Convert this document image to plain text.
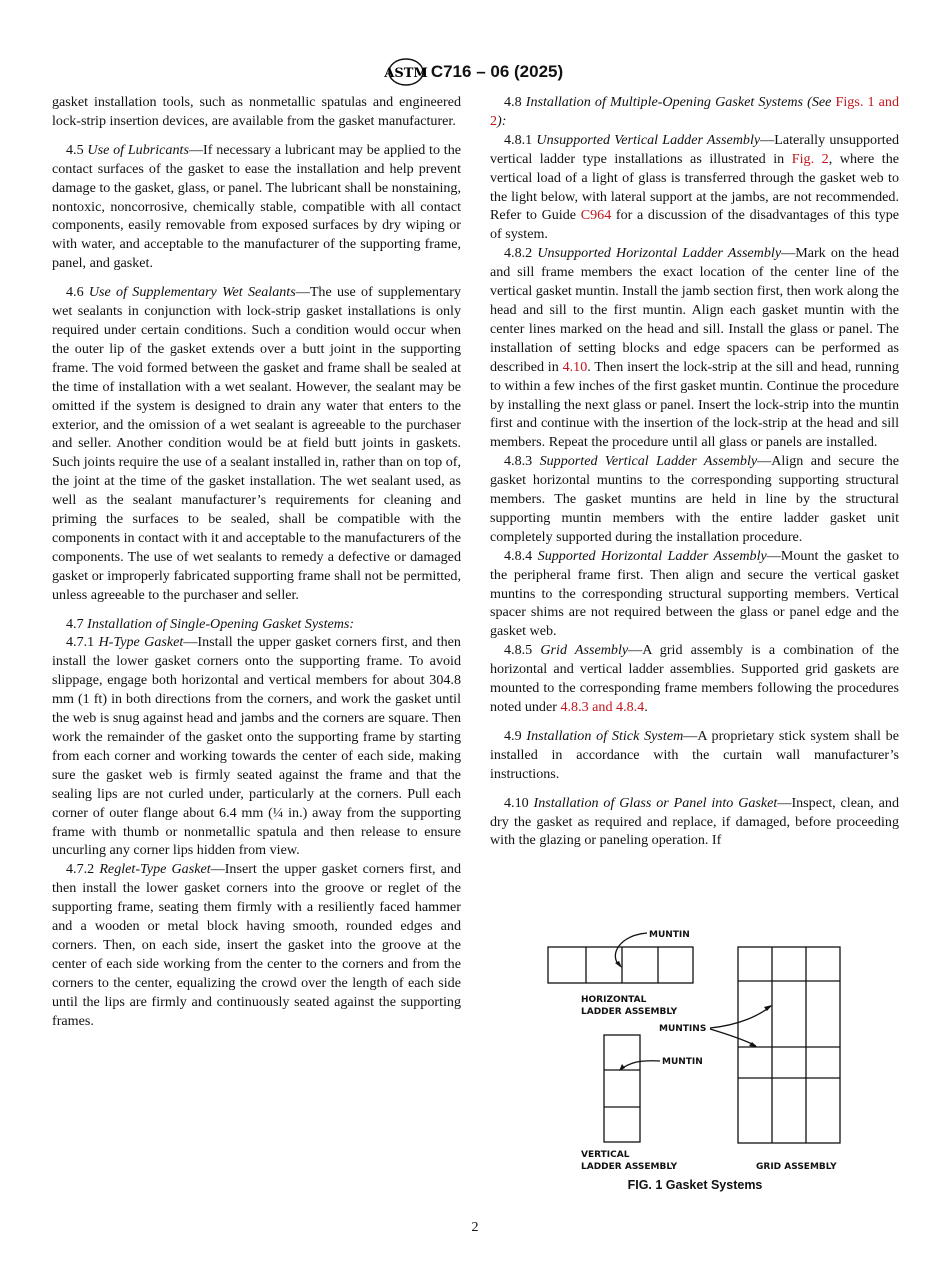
ASTM C716 – 06 (2025)

gasket installation tools, such as nonmetallic spatulas and engineered lock-strip insertion devices, are available from the gasket manufacturer.

4.5 Use of Lubricants—If necessary a lubricant may be applied to the contact surfaces of the gasket to ease the installation and help prevent damage to the gasket, glass, or panel. The lubricant shall be nonstaining, nontoxic, noncorrosive, chemically stable, compatible with all contact components, easily removable from exposed surfaces by dry wiping or with water, and acceptable to the manufacturer of the supporting frame, panel, and gasket.

4.6 Use of Supplementary Wet Sealants—The use of supplementary wet sealants in conjunction with lock-strip gasket installations is only required under certain conditions. Such a condition would occur when the outer lip of the gasket extends over a butt joint in the supporting frame. The void formed between the gasket and frame shall be sealed at the time of installation with a wet sealant. However, the sealant may be omitted if the system is designed to drain any water that enters to the exterior, and the omission of a wet sealant is agreeable to the purchaser and seller. Another condition would be at field butt joints in gaskets. Such joints require the use of a sealant installed in, rather than on top of, the joint at the time of the gasket installation. The wet sealant used, as well as the sealant manufacturer’s requirements for cleaning and priming the surfaces to be sealed, shall be compatible with the components in contact with it and acceptable to the manufacturers of the components. The use of wet sealants to remedy a defective or damaged gasket or improperly fabricated supporting frame shall not be permitted, unless agreeable to the purchaser and seller.

4.7 Installation of Single-Opening Gasket Systems:

4.7.1 H-Type Gasket—Install the upper gasket corners first, and then install the lower gasket corners onto the supporting frame. To avoid slippage, engage both horizontal and vertical members for about 304.8 mm (1 ft) in both directions from the corners, and work the gasket until the web is snug against head and jambs and the corners are square. Then work the remainder of the gasket onto the supporting frame by starting from each corner and working towards the center of each side, making sure the gasket web is firmly seated against the frame and that the sealing lips are not curled under, particularly at the corners. Pull each corner of outer flange about 6.4 mm (¼ in.) away from the supporting frame with thumb or nonmetallic spatula and then release to ensure uncurling any corner lips hidden from view.

4.7.2 Reglet-Type Gasket—Insert the upper gasket corners first, and then install the lower gasket corners into the groove or reglet of the supporting frame, seating them firmly with a resiliently faced hammer and a wooden or metal block having smooth, rounded edges and corners. Then, on each side, insert the gasket into the groove at the center of each side working from the center to the corners and from the corners to the center, equalizing the crowd over the length of each side until the lips are firmly and continuously seated against the supporting frames.

4.8 Installation of Multiple-Opening Gasket Systems (See Figs. 1 and 2):

4.8.1 Unsupported Vertical Ladder Assembly—Laterally unsupported vertical ladder type installations as illustrated in Fig. 2, where the vertical load of a light of glass is transferred through the gasket web to the light below, with lateral support at the jambs, are not recommended. Refer to Guide C964 for a discussion of the disadvantages of this type of system.

4.8.2 Unsupported Horizontal Ladder Assembly—Mark on the head and sill frame members the exact location of the center line of the vertical gasket muntin. Install the jamb section first, then work along the head and sill to the first muntin. Align each gasket muntin with the center lines marked on the head and sill. Install the glass or panel. The installation of setting blocks and edge spacers can be performed as described in 4.10. Then insert the lock-strip at the sill and head, running to within a few inches of the first gasket muntin. Continue the procedure by installing the next glass or panel. Insert the lock-strip into the muntin first and continue with the insertion of the lock-strip at the head and sill members. Repeat the procedure until all glass or panels are installed.

4.8.3 Supported Vertical Ladder Assembly—Align and secure the gasket horizontal muntins to the corresponding supporting structural members. The gasket muntins are held in line by the structural supporting muntin members with the entire ladder gasket unit completely supported during the installation procedure.

4.8.4 Supported Horizontal Ladder Assembly—Mount the gasket to the peripheral frame first. Then align and secure the vertical gasket muntins to the corresponding structural supporting members. Vertical spacer shims are not required between the glass or panel edge and the gasket web.

4.8.5 Grid Assembly—A grid assembly is a combination of the horizontal and vertical ladder assemblies. Supported grid gaskets are mounted to the corresponding frame members following the procedures noted under 4.8.3 and 4.8.4.

4.9 Installation of Stick System—A proprietary stick system shall be installed in accordance with the curtain wall manufacturer’s instructions.

4.10 Installation of Glass or Panel into Gasket—Inspect, clean, and dry the gasket as required and replace, if damaged, before proceeding with the glazing or paneling operation. If

MUNTIN
HORIZONTAL
LADDER ASSEMBLY
MUNTINS
MUNTIN
VERTICAL
LADDER ASSEMBLY	GRID ASSEMBLY
FIG. 1 Gasket Systems
2
